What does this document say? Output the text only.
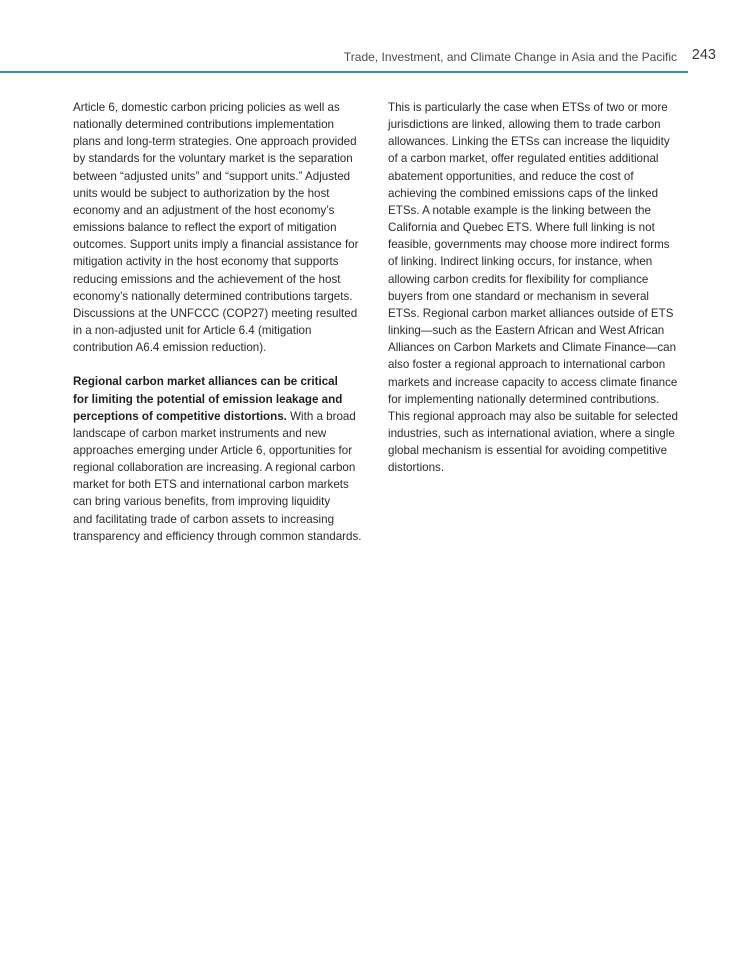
Trade, Investment, and Climate Change in Asia and the Pacific 243

Article 6, domestic carbon pricing policies as well as
nationally determined contributions implementation
plans and long-term strategies. One approach provided
by standards for the voluntary market is the separation
between “adjusted units” and “support units.” Adjusted
units would be subject to authorization by the host
economy and an adjustment of the host economy’s
emissions balance to reflect the export of mitigation
outcomes. Support units imply a financial assistance for
mitigation activity in the host economy that supports
reducing emissions and the achievement of the host
economy’s nationally determined contributions targets.
Discussions at the UNFCCC (COP27) meeting resulted
in a non-adjusted unit for Article 6.4 (mitigation
contribution A6.4 emission reduction).

Regional carbon market alliances can be critical
for limiting the potential of emission leakage and
perceptions of competitive distortions. With a broad
landscape of carbon market instruments and new
approaches emerging under Article 6, opportunities for
regional collaboration are increasing. A regional carbon
market for both ETS and international carbon markets
can bring various benefits, from improving liquidity
and facilitating trade of carbon assets to increasing
transparency and efficiency through common standards.

This is particularly the case when ETSs of two or more
jurisdictions are linked, allowing them to trade carbon
allowances. Linking the ETSs can increase the liquidity
of a carbon market, offer regulated entities additional
abatement opportunities, and reduce the cost of
achieving the combined emissions caps of the linked
ETSs. A notable example is the linking between the
California and Quebec ETS. Where full linking is not
feasible, governments may choose more indirect forms
of linking. Indirect linking occurs, for instance, when
allowing carbon credits for flexibility for compliance
buyers from one standard or mechanism in several
ETSs. Regional carbon market alliances outside of ETS
linking—such as the Eastern African and West African
Alliances on Carbon Markets and Climate Finance—can
also foster a regional approach to international carbon
markets and increase capacity to access climate finance
for implementing nationally determined contributions.
This regional approach may also be suitable for selected
industries, such as international aviation, where a single
global mechanism is essential for avoiding competitive
distortions.
